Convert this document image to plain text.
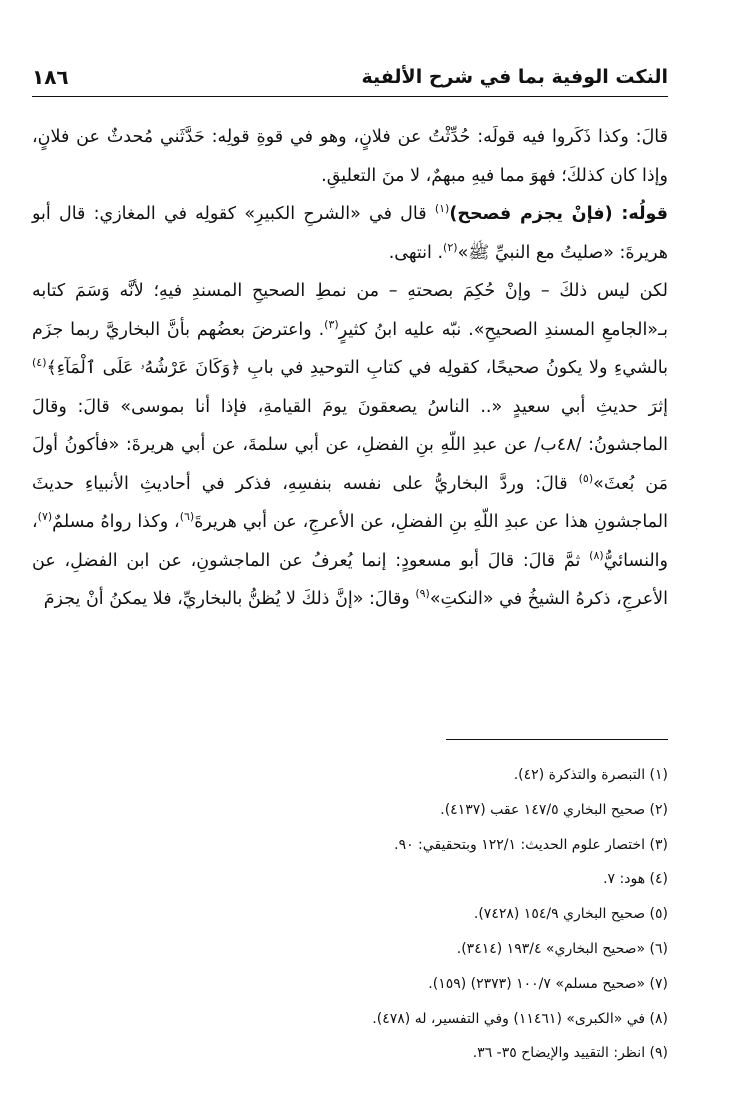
النكت الوفية بما في شرح الألفية
١٨٦

قالَ: وكذا ذَكَروا فيه قولَه: حُدِّثْتُ عن فلانٍ، وهو في قوةِ قولِه: حَدَّثَني مُحدثٌ عن فلانٍ، وإذا كان كذلكَ؛ فهوَ مما فيهِ مبهمٌ، لا منَ التعليقِ.

قولُه: (فإنْ يجزم فصحح)$^{(١)}$ قال في «الشرحِ الكبيرِ» كقولِه في المغازي: قال أبو هريرةَ: «صليتُ مع النبيِّ ﷺ»$^{(٢)}$. انتهى.

لكن ليس ذلكَ – وإنْ حُكِمَ بصحتهِ – من نمطِ الصحيحِ المسندِ فيهِ؛ لأنَّه وَسَمَ كتابه بـ«الجامعِ المسندِ الصحيحِ». نبّه عليه ابنُ كثيرٍ$^{(٣)}$. واعترضَ بعضُهم بأنَّ البخاريَّ ربما جزَم بالشيءِ ولا يكونُ صحيحًا، كقولِه في كتابِ التوحيدِ في بابِ ﴿وَكَانَ عَرْشُهُۥ عَلَى ٱلْمَآءِ﴾$^{(٤)}$ إثرَ حديثِ أبي سعيدٍ «.. الناسُ يصعقونَ يومَ القيامةِ، فإذا أنا بموسى» قالَ: وقالَ الماجشونُ: /٤٨ب/ عن عبدِ اللّهِ بنِ الفضلِ، عن أبي سلمةَ، عن أبي هريرةَ: «فأكونُ أولَ مَن بُعثَ»$^{(٥)}$ قالَ: وردَّ البخاريُّ على نفسه بنفسِهِ، فذكر في أحاديثِ الأنبياءِ حديثَ الماجشونِ هذا عن عبدِ اللّهِ بنِ الفضلِ، عن الأعرجِ، عن أبي هريرةَ$^{(٦)}$، وكذا رواهُ مسلمٌ$^{(٧)}$، والنسائيُّ$^{(٨)}$ ثمَّ قالَ: قالَ أبو مسعودٍ: إنما يُعرفُ عن الماجشونِ، عن ابن الفضلِ، عن الأعرجِ، ذكرهُ الشيخُ في «النكتِ»$^{(٩)}$ وقالَ: «إنَّ ذلكَ لا يُظنُّ بالبخاريِّ، فلا يمكنُ أنْ يجزمَ

(١) التبصرة والتذكرة (٤٢).
(٢) صحيح البخاري ١٤٧/٥ عقب (٤١٣٧).
(٣) اختصار علوم الحديث: ١٢٢/١ وبتحقيقي: ٩٠.
(٤) هود: ٧.
(٥) صحيح البخاري ١٥٤/٩ (٧٤٢٨).
(٦) «صحيح البخاري» ١٩٣/٤ (٣٤١٤).
(٧) «صحيح مسلم» ١٠٠/٧ (٢٣٧٣) (١٥٩).
(٨) في «الكبرى» (١١٤٦١) وفي التفسير، له (٤٧٨).
(٩) انظر: التقييد والإيضاح ٣٥- ٣٦.
